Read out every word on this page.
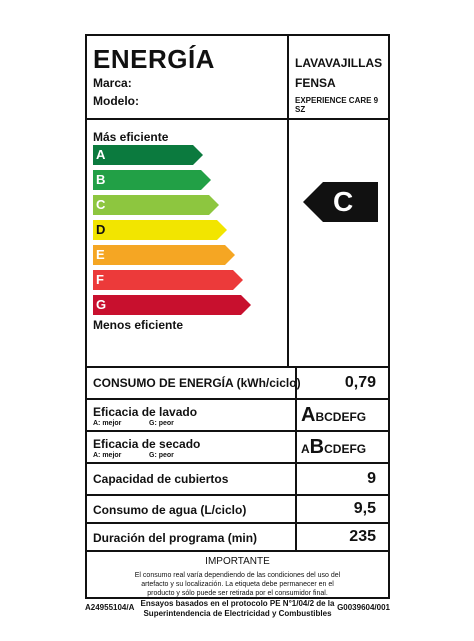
ENERGÍA
Marca:
Modelo:
LAVAVAJILLAS
FENSA
EXPERIENCE CARE 9 SZ
Más eficiente
A
B
C
D
E
F
G
Menos eficiente
C
CONSUMO DE ENERGÍA (kWh/ciclo)	0,79
Eficacia de lavado
A: mejor	G: peor	ABCDEFG
Eficacia de secado
A: mejor	G: peor	ABCDEFG
Capacidad de cubiertos	9
Consumo de agua (L/ciclo)	9,5
Duración del programa (min)	235
IMPORTANTE
El consumo real varía dependiendo de las condiciones del uso del
artefacto y su localización. La etiqueta debe permanecer en el
producto y sólo puede ser retirada por el consumidor final.
Ensayos basados en el protocolo PE N°1/04/2 de la
Superintendencia de Electricidad y Combustibles
A24955104/A	G0039604/001
